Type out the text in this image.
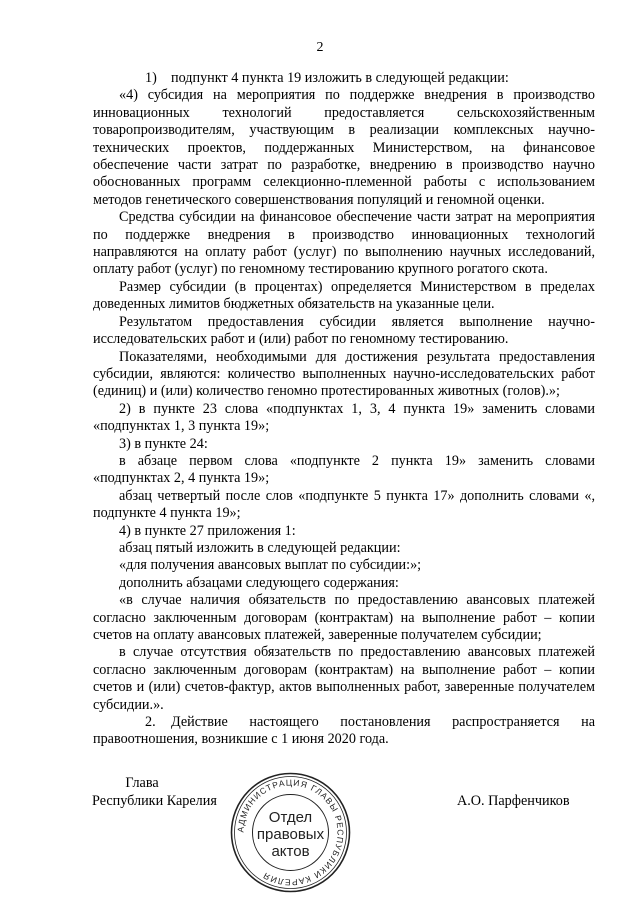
2

1) подпункт 4 пункта 19 изложить в следующей редакции:

«4) субсидия на мероприятия по поддержке внедрения в производство инновационных технологий предоставляется сельскохозяйственным товаропроизводителям, участвующим в реализации комплексных научно-технических проектов, поддержанных Министерством, на финансовое обеспечение части затрат по разработке, внедрению в производство научно обоснованных программ селекционно-племенной работы с использованием методов генетического совершенствования популяций и геномной оценки.

Средства субсидии на финансовое обеспечение части затрат на мероприятия по поддержке внедрения в производство инновационных технологий направляются на оплату работ (услуг) по выполнению научных исследований, оплату работ (услуг) по геномному тестированию крупного рогатого скота.

Размер субсидии (в процентах) определяется Министерством в пределах доведенных лимитов бюджетных обязательств на указанные цели.

Результатом предоставления субсидии является выполнение научно-исследовательских работ и (или) работ по геномному тестированию.

Показателями, необходимыми для достижения результата предоставления субсидии, являются: количество выполненных научно-исследовательских работ (единиц) и (или) количество геномно протестированных животных (голов).»;

2) в пункте 23 слова «подпунктах 1, 3, 4 пункта 19» заменить словами «подпунктах 1, 3 пункта 19»;

3) в пункте 24:

в абзаце первом слова «подпункте 2 пункта 19» заменить словами «подпунктах 2, 4 пункта 19»;

абзац четвертый после слов «подпункте 5 пункта 17» дополнить словами «, подпункте 4 пункта 19»;

4) в пункте 27 приложения 1:

абзац пятый изложить в следующей редакции:

«для получения авансовых выплат по субсидии:»;

дополнить абзацами следующего содержания:

«в случае наличия обязательств по предоставлению авансовых платежей согласно заключенным договорам (контрактам) на выполнение работ – копии счетов на оплату авансовых платежей, заверенные получателем субсидии;

в случае отсутствия обязательств по предоставлению авансовых платежей согласно заключенным договорам (контрактам) на выполнение работ – копии счетов и (или) счетов-фактур, актов выполненных работ, заверенные получателем субсидии.».

2. Действие настоящего постановления распространяется на правоотношения, возникшие с 1 июня 2020 года.

Глава
Республики Карелия
АДМИНИСТРАЦИЯ ГЛАВЫ РЕСПУБЛИКИ КАРЕЛИЯ
Отдел
правовых
актов
А.О. Парфенчиков
